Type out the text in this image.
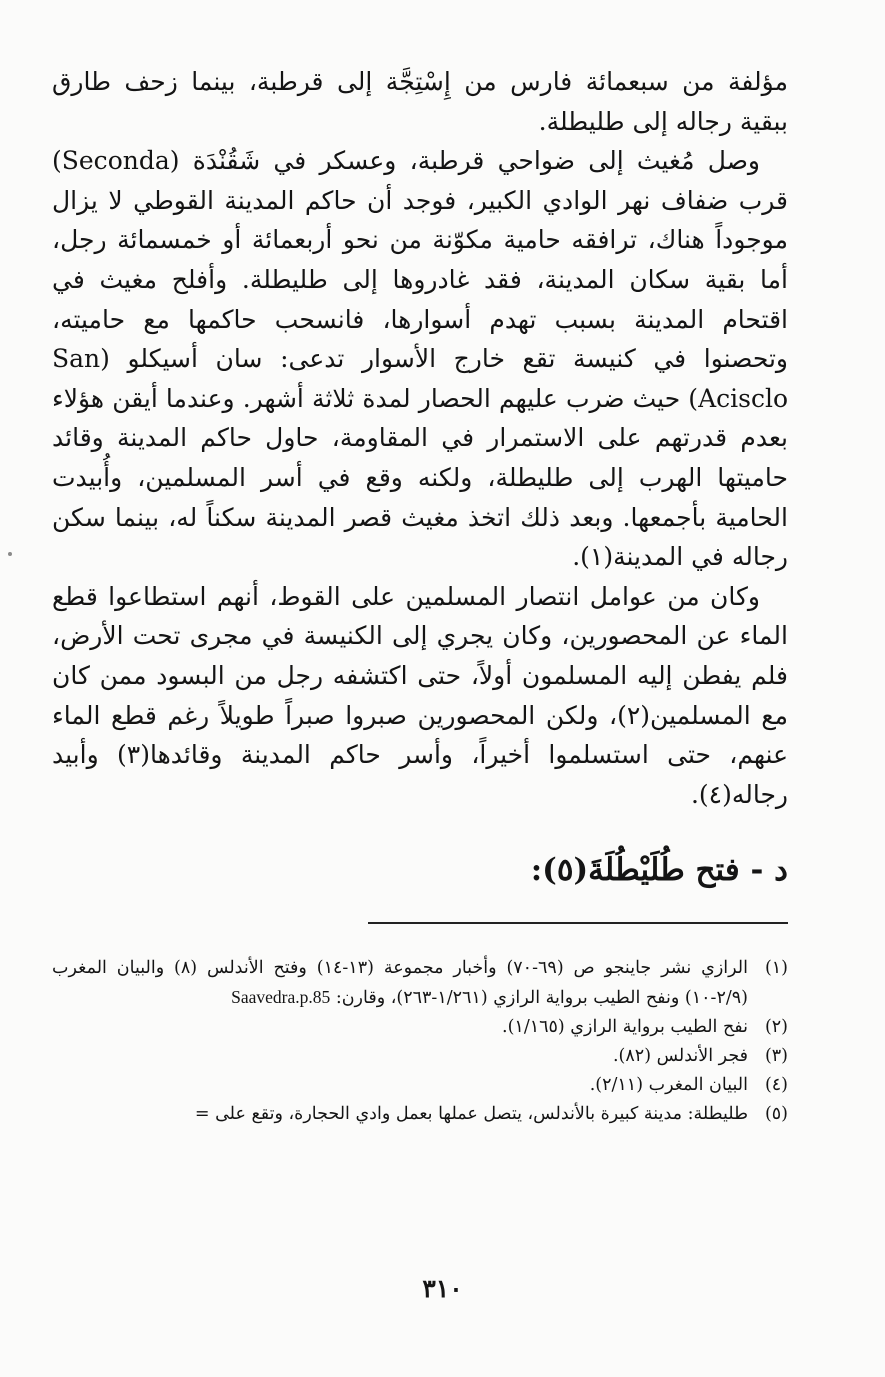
مؤلفة من سبعمائة فارس من إِسْتِجَّة إلى قرطبة، بينما زحف طارق ببقية رجاله إلى طليطلة.

وصل مُغيث إلى ضواحي قرطبة، وعسكر في شَقُنْدَة (Seconda) قرب ضفاف نهر الوادي الكبير، فوجد أن حاكم المدينة القوطي لا يزال موجوداً هناك، ترافقه حامية مكوّنة من نحو أربعمائة أو خمسمائة رجل، أما بقية سكان المدينة، فقد غادروها إلى طليطلة. وأفلح مغيث في اقتحام المدينة بسبب تهدم أسوارها، فانسحب حاكمها مع حاميته، وتحصنوا في كنيسة تقع خارج الأسوار تدعى: سان أسيكلو (San Acisclo) حيث ضرب عليهم الحصار لمدة ثلاثة أشهر. وعندما أيقن هؤلاء بعدم قدرتهم على الاستمرار في المقاومة، حاول حاكم المدينة وقائد حاميتها الهرب إلى طليطلة، ولكنه وقع في أسر المسلمين، وأُبيدت الحامية بأجمعها. وبعد ذلك اتخذ مغيث قصر المدينة سكناً له، بينما سكن رجاله في المدينة(١).

وكان من عوامل انتصار المسلمين على القوط، أنهم استطاعوا قطع الماء عن المحصورين، وكان يجري إلى الكنيسة في مجرى تحت الأرض، فلم يفطن إليه المسلمون أولاً، حتى اكتشفه رجل من البسود ممن كان مع المسلمين(٢)، ولكن المحصورين صبروا صبراً طويلاً رغم قطع الماء عنهم، حتى استسلموا أخيراً، وأسر حاكم المدينة وقائدها(٣) وأبيد رجاله(٤).

د - فتح طُلَيْطُلَةَ(٥):
(١)
الرازي نشر جاينجو ص (٦٩-٧٠) وأخبار مجموعة (١٣-١٤) وفتح الأندلس (٨) والبيان المغرب (٢/٩-١٠) ونفح الطيب برواية الرازي (١/٢٦١-٢٦٣)، وقارن: Saavedra.p.85
(٢)
نفح الطيب برواية الرازي (١/١٦٥).
(٣)
فجر الأندلس (٨٢).
(٤)
البيان المغرب (٢/١١).
(٥)
طليطلة: مدينة كبيرة بالأندلس، يتصل عملها بعمل وادي الحجارة، وتقع على =
٣١٠
